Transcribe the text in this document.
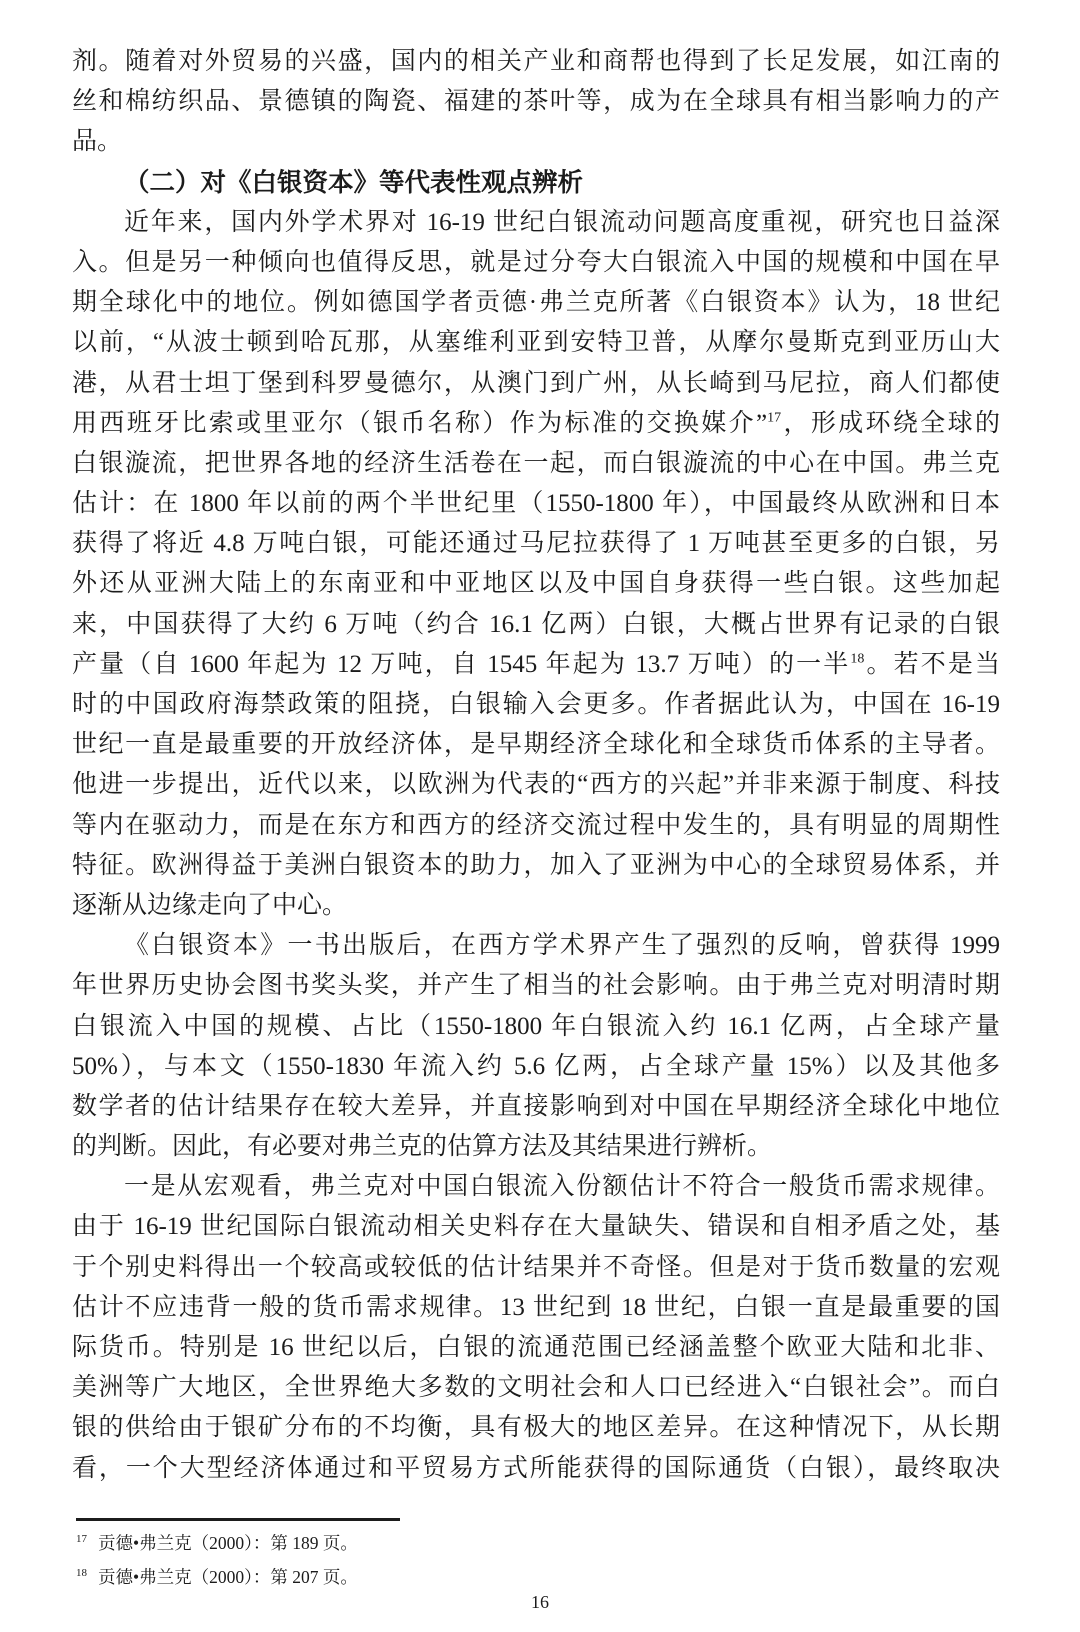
剂。随着对外贸易的兴盛，国内的相关产业和商帮也得到了长足发展，如江南的
丝和棉纺织品、景德镇的陶瓷、福建的茶叶等，成为在全球具有相当影响力的产
品。
（二）对《白银资本》等代表性观点辨析
近年来，国内外学术界对 16-19 世纪白银流动问题高度重视，研究也日益深
入。但是另一种倾向也值得反思，就是过分夸大白银流入中国的规模和中国在早
期全球化中的地位。例如德国学者贡德·弗兰克所著《白银资本》认为，18 世纪
以前，“从波士顿到哈瓦那，从塞维利亚到安特卫普，从摩尔曼斯克到亚历山大
港，从君士坦丁堡到科罗曼德尔，从澳门到广州，从长崎到马尼拉，商人们都使
用西班牙比索或里亚尔（银币名称）作为标准的交换媒介”$^{17}$，形成环绕全球的
白银漩流，把世界各地的经济生活卷在一起，而白银漩流的中心在中国。弗兰克
估计：在 1800 年以前的两个半世纪里（1550-1800 年），中国最终从欧洲和日本
获得了将近 4.8 万吨白银，可能还通过马尼拉获得了 1 万吨甚至更多的白银，另
外还从亚洲大陆上的东南亚和中亚地区以及中国自身获得一些白银。这些加起
来，中国获得了大约 6 万吨（约合 16.1 亿两）白银，大概占世界有记录的白银
产量（自 1600 年起为 12 万吨，自 1545 年起为 13.7 万吨）的一半$^{18}$。若不是当
时的中国政府海禁政策的阻挠，白银输入会更多。作者据此认为，中国在 16-19
世纪一直是最重要的开放经济体，是早期经济全球化和全球货币体系的主导者。
他进一步提出，近代以来，以欧洲为代表的“西方的兴起”并非来源于制度、科技
等内在驱动力，而是在东方和西方的经济交流过程中发生的，具有明显的周期性
特征。欧洲得益于美洲白银资本的助力，加入了亚洲为中心的全球贸易体系，并
逐渐从边缘走向了中心。
《白银资本》一书出版后，在西方学术界产生了强烈的反响，曾获得 1999
年世界历史协会图书奖头奖，并产生了相当的社会影响。由于弗兰克对明清时期
白银流入中国的规模、占比（1550-1800 年白银流入约 16.1 亿两，占全球产量
50%），与本文（1550-1830 年流入约 5.6 亿两，占全球产量 15%）以及其他多
数学者的估计结果存在较大差异，并直接影响到对中国在早期经济全球化中地位
的判断。因此，有必要对弗兰克的估算方法及其结果进行辨析。
一是从宏观看，弗兰克对中国白银流入份额估计不符合一般货币需求规律。
由于 16-19 世纪国际白银流动相关史料存在大量缺失、错误和自相矛盾之处，基
于个别史料得出一个较高或较低的估计结果并不奇怪。但是对于货币数量的宏观
估计不应违背一般的货币需求规律。13 世纪到 18 世纪，白银一直是最重要的国
际货币。特别是 16 世纪以后，白银的流通范围已经涵盖整个欧亚大陆和北非、
美洲等广大地区，全世界绝大多数的文明社会和人口已经进入“白银社会”。而白
银的供给由于银矿分布的不均衡，具有极大的地区差异。在这种情况下，从长期
看，一个大型经济体通过和平贸易方式所能获得的国际通货（白银），最终取决
$^{17}$ 贡德•弗兰克（2000）：第 189 页。
$^{18}$ 贡德•弗兰克（2000）：第 207 页。
16
